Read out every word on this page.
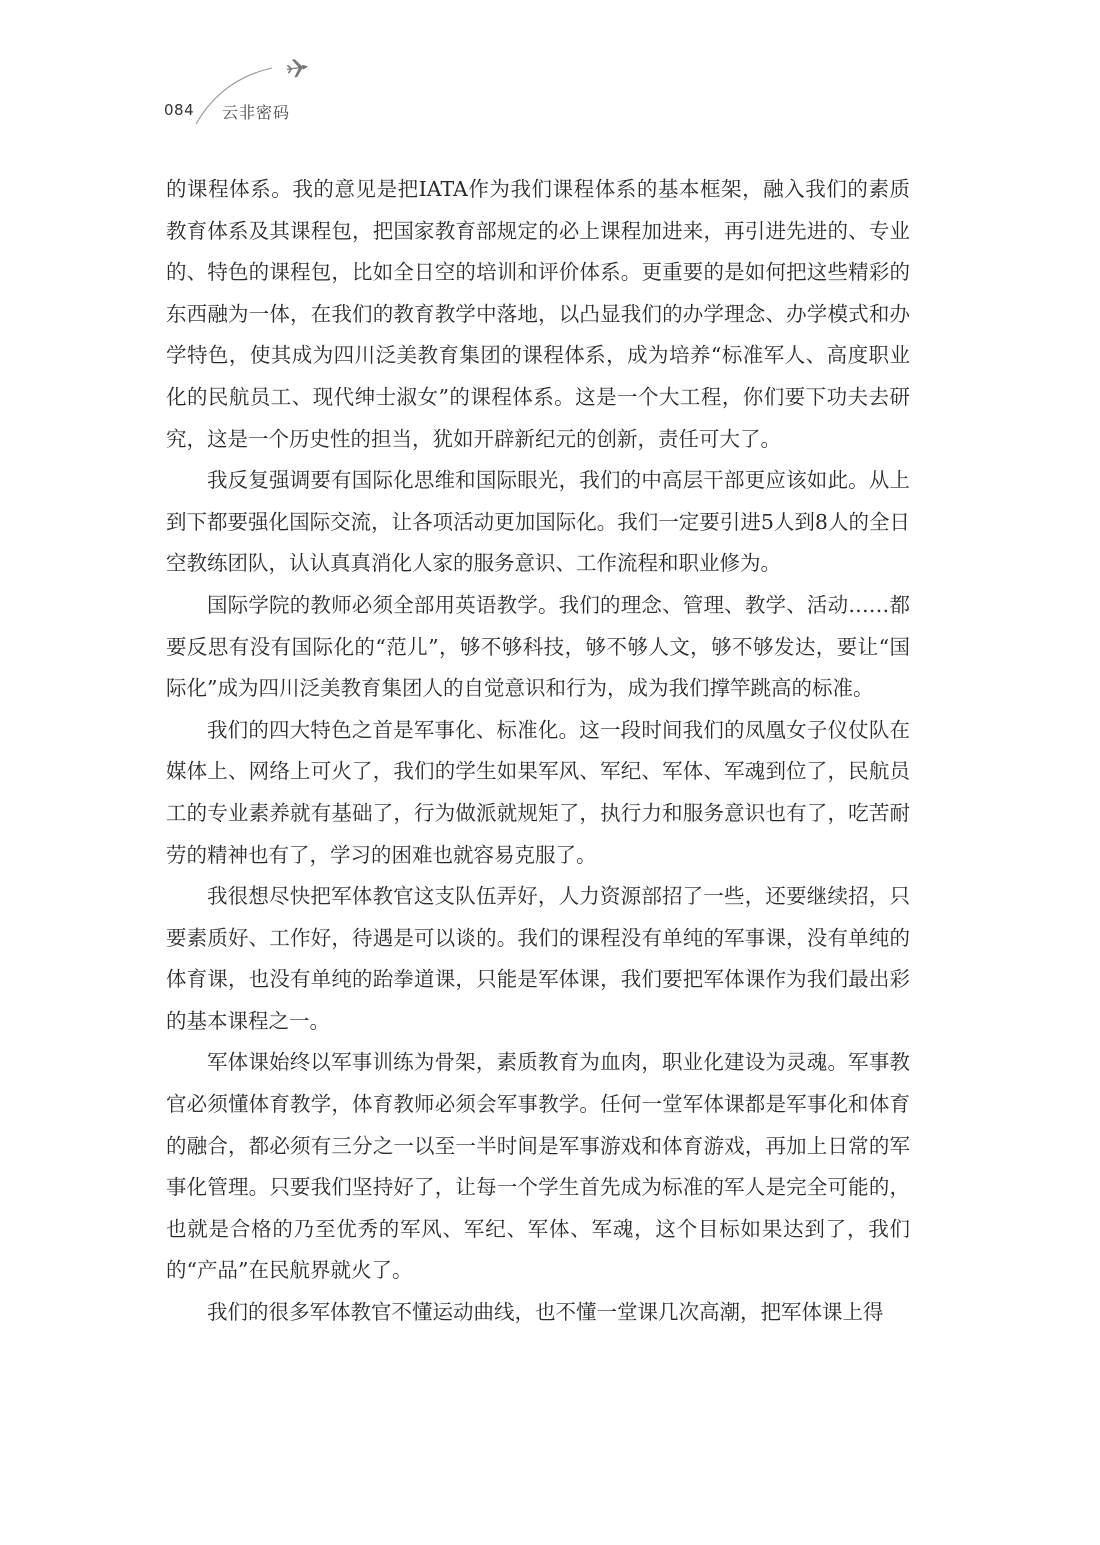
084 云非密码

的课程体系。我的意见是把IATA作为我们课程体系的基本框架，融入我们的素质教育体系及其课程包，把国家教育部规定的必上课程加进来，再引进先进的、专业的、特色的课程包，比如全日空的培训和评价体系。更重要的是如何把这些精彩的东西融为一体，在我们的教育教学中落地，以凸显我们的办学理念、办学模式和办学特色，使其成为四川泛美教育集团的课程体系，成为培养“标准军人、高度职业化的民航员工、现代绅士淑女”的课程体系。这是一个大工程，你们要下功夫去研究，这是一个历史性的担当，犹如开辟新纪元的创新，责任可大了。

我反复强调要有国际化思维和国际眼光，我们的中高层干部更应该如此。从上到下都要强化国际交流，让各项活动更加国际化。我们一定要引进5人到8人的全日空教练团队，认认真真消化人家的服务意识、工作流程和职业修为。

国际学院的教师必须全部用英语教学。我们的理念、管理、教学、活动……都要反思有没有国际化的“范儿”，够不够科技，够不够人文，够不够发达，要让“国际化”成为四川泛美教育集团人的自觉意识和行为，成为我们撑竿跳高的标准。

我们的四大特色之首是军事化、标准化。这一段时间我们的凤凰女子仪仗队在媒体上、网络上可火了，我们的学生如果军风、军纪、军体、军魂到位了，民航员工的专业素养就有基础了，行为做派就规矩了，执行力和服务意识也有了，吃苦耐劳的精神也有了，学习的困难也就容易克服了。

我很想尽快把军体教官这支队伍弄好，人力资源部招了一些，还要继续招，只要素质好、工作好，待遇是可以谈的。我们的课程没有单纯的军事课，没有单纯的体育课，也没有单纯的跆拳道课，只能是军体课，我们要把军体课作为我们最出彩的基本课程之一。

军体课始终以军事训练为骨架，素质教育为血肉，职业化建设为灵魂。军事教官必须懂体育教学，体育教师必须会军事教学。任何一堂军体课都是军事化和体育的融合，都必须有三分之一以至一半时间是军事游戏和体育游戏，再加上日常的军事化管理。只要我们坚持好了，让每一个学生首先成为标准的军人是完全可能的，也就是合格的乃至优秀的军风、军纪、军体、军魂，这个目标如果达到了，我们的“产品”在民航界就火了。

我们的很多军体教官不懂运动曲线，也不懂一堂课几次高潮，把军体课上得
